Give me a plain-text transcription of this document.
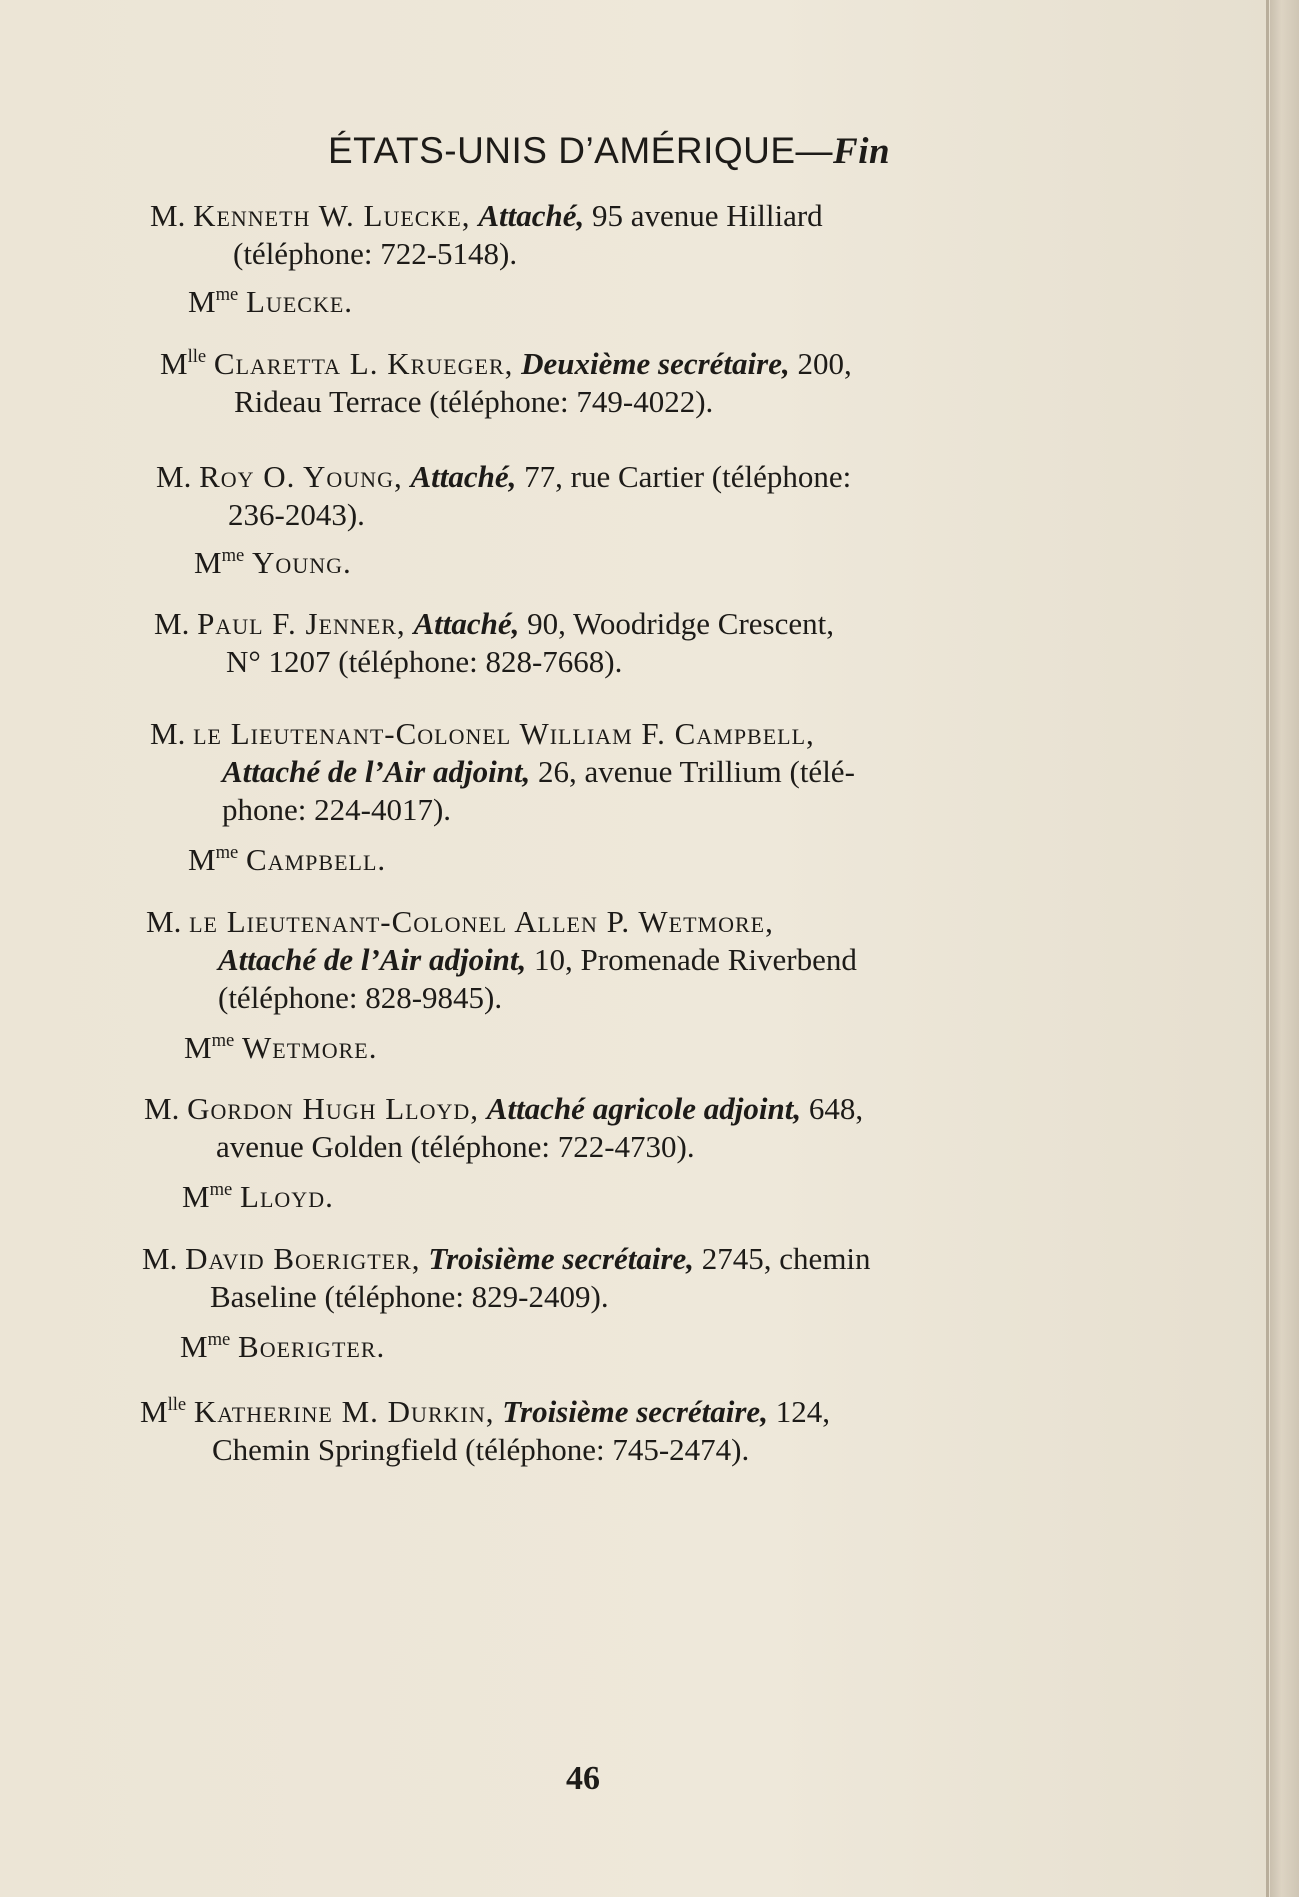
ÉTATS-UNIS D’AMÉRIQUE—Fin
M. Kenneth W. Luecke, Attaché, 95 avenue Hilliard
(téléphone: 722-5148).
$M^{me}$ Luecke.
$M^{lle}$ Claretta L. Krueger, Deuxième secrétaire, 200,
Rideau Terrace (téléphone: 749-4022).
M. Roy O. Young, Attaché, 77, rue Cartier (téléphone:
236-2043).
$M^{me}$ Young.
M. Paul F. Jenner, Attaché, 90, Woodridge Crescent,
N° 1207 (téléphone: 828-7668).
M. le Lieutenant-Colonel William F. Campbell,
Attaché de l’Air adjoint, 26, avenue Trillium (télé-
phone: 224-4017).
$M^{me}$ Campbell.
M. le Lieutenant-Colonel Allen P. Wetmore,
Attaché de l’Air adjoint, 10, Promenade Riverbend
(téléphone: 828-9845).
$M^{me}$ Wetmore.
M. Gordon Hugh Lloyd, Attaché agricole adjoint, 648,
avenue Golden (téléphone: 722-4730).
$M^{me}$ Lloyd.
M. David Boerigter, Troisième secrétaire, 2745, chemin
Baseline (téléphone: 829-2409).
$M^{me}$ Boerigter.
$M^{lle}$ Katherine M. Durkin, Troisième secrétaire, 124,
Chemin Springfield (téléphone: 745-2474).
46
